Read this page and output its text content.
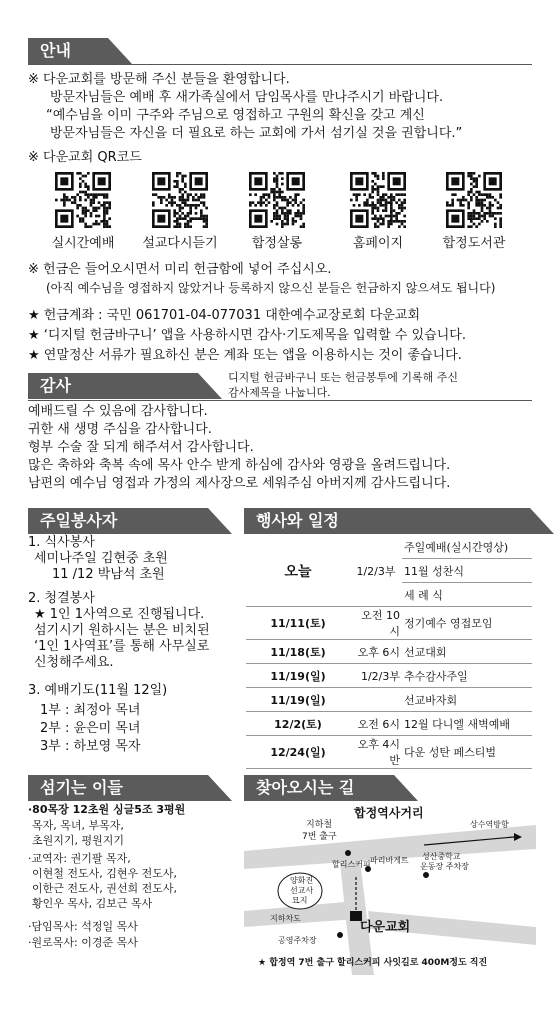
안내
※ 다운교회를 방문해 주신 분들을 환영합니다.
방문자님들은 예배 후 새가족실에서 담임목사를 만나주시기 바랍니다.
“예수님을 이미 구주와 주님으로 영접하고 구원의 확신을 갖고 계신
방문자님들은 자신을 더 필요로 하는 교회에 가서 섬기실 것을 권합니다.”
※ 다운교회 QR코드
실시간예배	설교다시듣기	합정살롱	홈페이지	합정도서관
※ 헌금은 들어오시면서 미리 헌금함에 넣어 주십시오.
(아직 예수님을 영접하지 않았거나 등록하지 않으신 분들은 헌금하지 않으셔도 됩니다)
★ 헌금계좌 : 국민 061701-04-077031 대한예수교장로회 다운교회
★ ‘디지털 헌금바구니’ 앱을 사용하시면 감사·기도제목을 입력할 수 있습니다.
★ 연말정산 서류가 필요하신 분은 계좌 또는 앱을 이용하시는 것이 좋습니다.
감사	디지털 헌금바구니 또는 헌금봉투에 기록해 주신
감사제목을 나눕니다.
예배드릴 수 있음에 감사합니다.
귀한 새 생명 주심을 감사합니다.
형부 수술 잘 되게 해주셔서 감사합니다.
많은 축하와 축복 속에 목사 안수 받게 하심에 감사와 영광을 올려드립니다.
남편의 예수님 영접과 가정의 제사장으로 세워주심 아버지께 감사드립니다.
주일봉사자
1. 식사봉사
세미나주일 김현중 초원
11 /12 박남석 초원
2. 청결봉사
★ 1인 1사역으로 진행됩니다.
섬기시기 원하시는 분은 비치된
‘1인 1사역표’를 통해 사무실로
신청해주세요.
3. 예배기도(11월 12일)
1부 : 최정아 목녀
2부 : 윤은미 목녀
3부 : 하보영 목자
행사와 일정
오늘	1/2/3부	주일예배(실시간영상)
		11월 성찬식
		세 례 식
11/11(토)	오전 10시	정기예수 영접모임
11/18(토)	오후 6시	선교대회
11/19(일)	1/2/3부	추수감사주일
11/19(일)		선교바자회
12/2(토)	오전 6시	12월 다니엘 새벽예배
12/24(일)	오후 4시반	다운 성탄 페스티벌
섬기는 이들
·80목장 12초원 싱글5조 3평원
목자, 목녀, 부목자,
초원지기, 평원지기
·교역자: 권기팔 목자,
이현철 전도사, 김현우 전도사,
이한근 전도사, 권선희 전도사,
황인우 목사, 김보근 목사
·담임목사: 석정일 목사
·원로목사: 이경준 목사
찾아오시는 길
합정역사거리
지하철
7번 출구
상수역방향
할리스커피 파리바게트 성산중학교
운동장 주차장
양화진
선교사
묘지
지하차도
공영주차장
다운교회
★ 합정역 7번 출구 할리스커피 사잇길로 400M정도 직진
